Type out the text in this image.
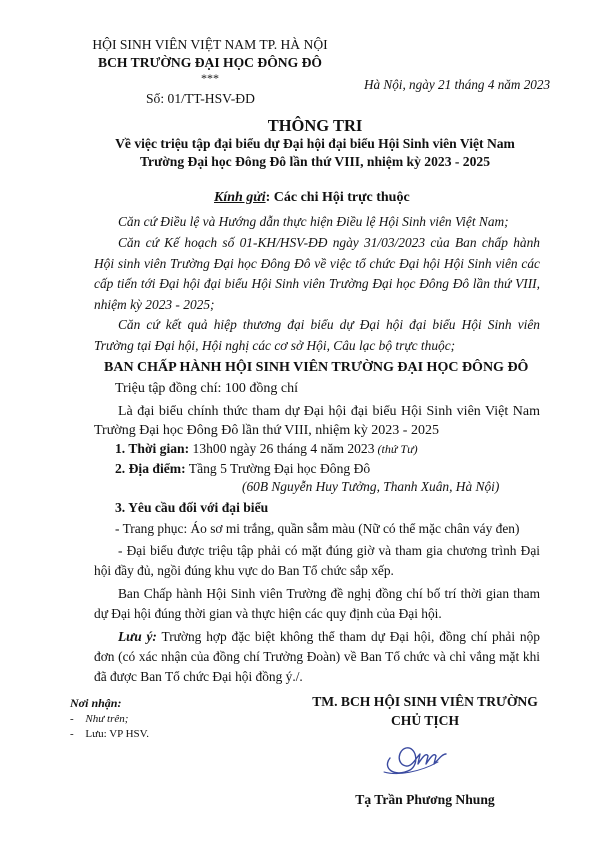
HỘI SINH VIÊN VIỆT NAM TP. HÀ NỘI
BCH TRƯỜNG ĐẠI HỌC ĐÔNG ĐÔ
***
Số: 01/TT-HSV-ĐD
Hà Nội, ngày 21 tháng 4 năm 2023
THÔNG TRI
Về việc triệu tập đại biểu dự Đại hội đại biểu Hội Sinh viên Việt Nam
Trường Đại học Đông Đô lần thứ VIII, nhiệm kỳ 2023 - 2025
Kính gửi: Các chi Hội trực thuộc
Căn cứ Điều lệ và Hướng dẫn thực hiện Điều lệ Hội Sinh viên Việt Nam;
Căn cứ Kế hoạch số 01-KH/HSV-ĐĐ ngày 31/03/2023 của Ban chấp hành Hội sinh viên Trường Đại học Đông Đô về việc tổ chức Đại hội Hội Sinh viên các cấp tiến tới Đại hội đại biểu Hội Sinh viên Trường Đại học Đông Đô lần thứ VIII, nhiệm kỳ 2023 - 2025;
Căn cứ kết quả hiệp thương đại biểu dự Đại hội đại biểu Hội Sinh viên Trường tại Đại hội, Hội nghị các cơ sở Hội, Câu lạc bộ trực thuộc;
BAN CHẤP HÀNH HỘI SINH VIÊN TRƯỜNG ĐẠI HỌC ĐÔNG ĐÔ
Triệu tập đồng chí: 100 đồng chí
Là đại biểu chính thức tham dự Đại hội đại biểu Hội Sinh viên Việt Nam Trường Đại học Đông Đô lần thứ VIII, nhiệm kỳ 2023 - 2025
1. Thời gian: 13h00 ngày 26 tháng 4 năm 2023 (thứ Tư)
2. Địa điểm: Tầng 5 Trường Đại học Đông Đô
(60B Nguyễn Huy Tưởng, Thanh Xuân, Hà Nội)
3. Yêu cầu đối với đại biểu
- Trang phục: Áo sơ mi trắng, quần sẫm màu (Nữ có thể mặc chân váy đen)
- Đại biểu được triệu tập phải có mặt đúng giờ và tham gia chương trình Đại hội đầy đủ, ngồi đúng khu vực do Ban Tổ chức sắp xếp.
Ban Chấp hành Hội Sinh viên Trường đề nghị đồng chí bố trí thời gian tham dự Đại hội đúng thời gian và thực hiện các quy định của Đại hội.
Lưu ý: Trường hợp đặc biệt không thể tham dự Đại hội, đồng chí phải nộp đơn (có xác nhận của đồng chí Trưởng Đoàn) về Ban Tổ chức và chỉ vắng mặt khi đã được Ban Tổ chức Đại hội đồng ý./.
Nơi nhận:
- Như trên;
- Lưu: VP HSV.
TM. BCH HỘI SINH VIÊN TRƯỜNG
CHỦ TỊCH
Tạ Trần Phương Nhung
